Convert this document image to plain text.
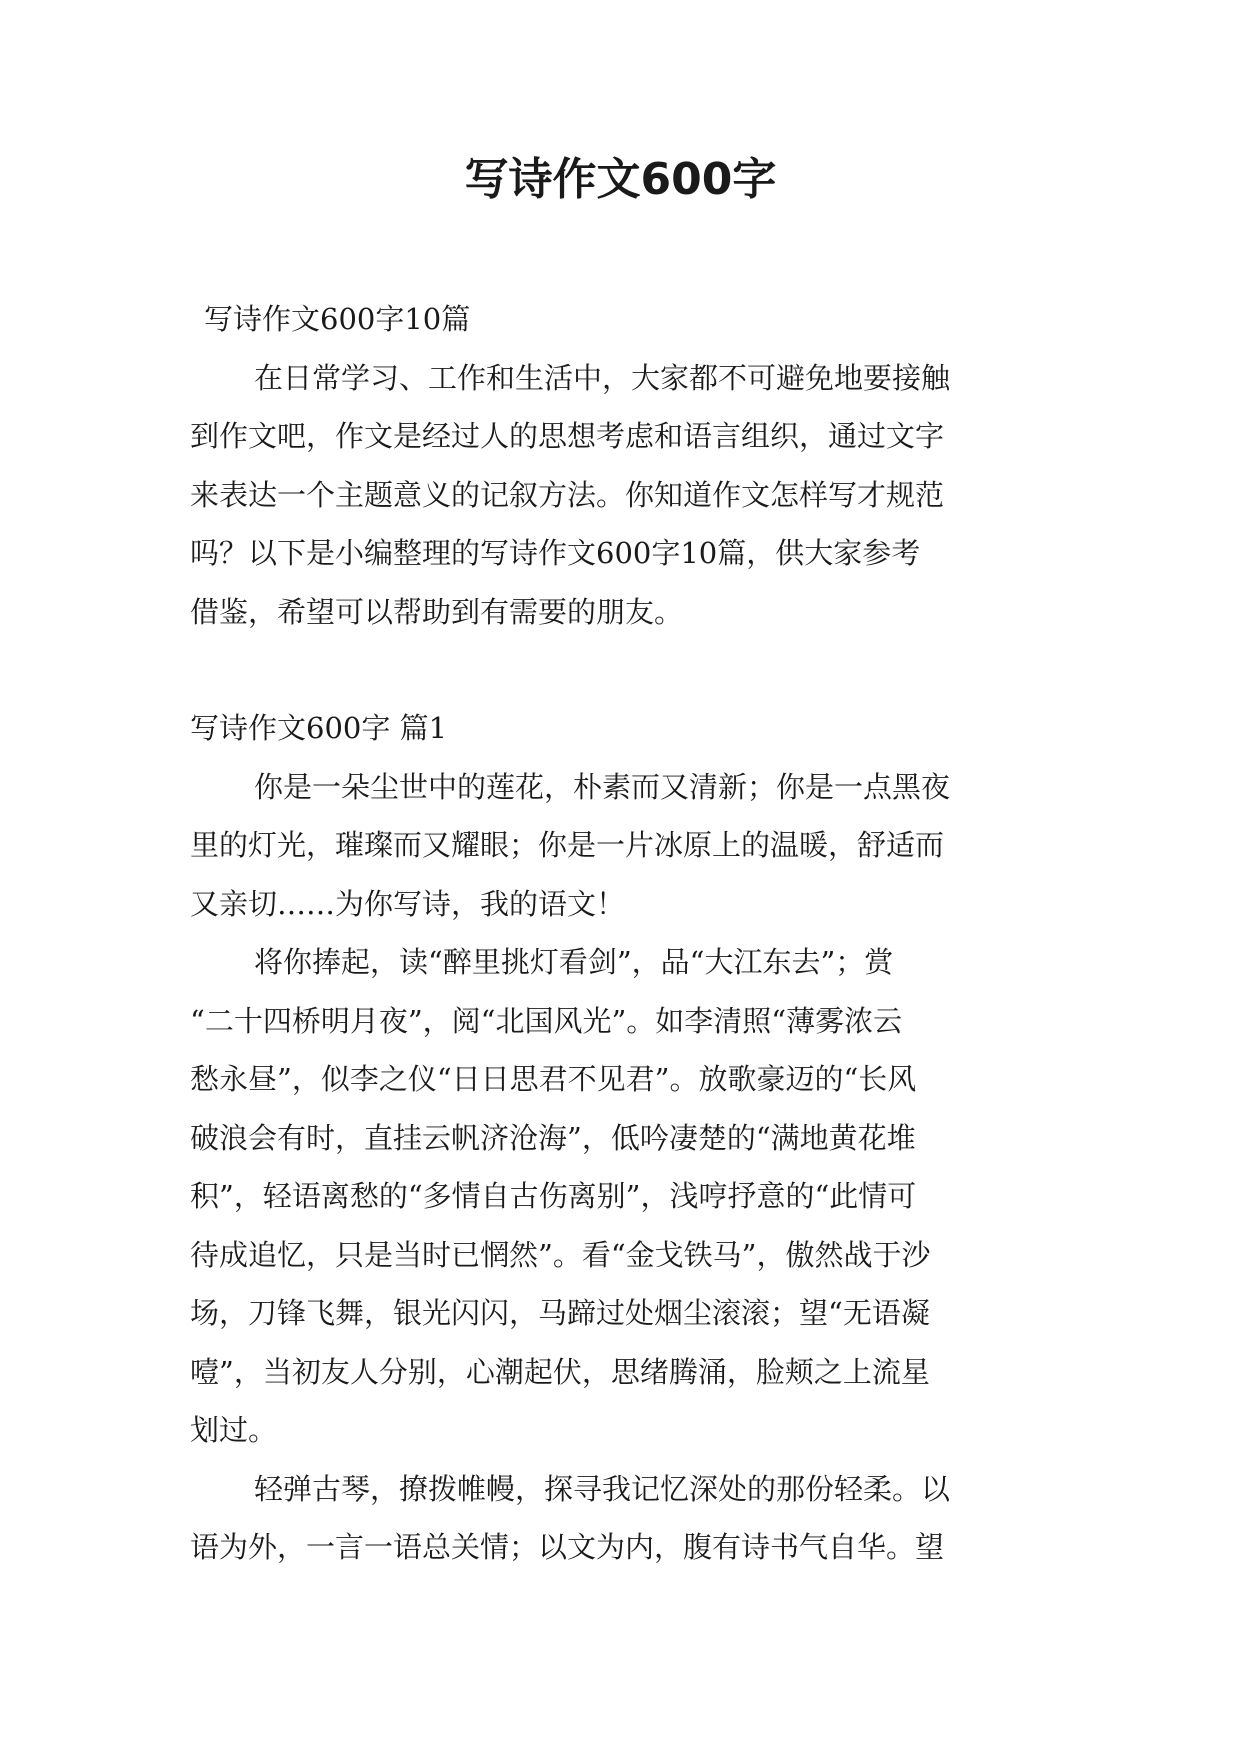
写诗作文600字

写诗作文600字10篇

在日常学习、工作和生活中，大家都不可避免地要接触

到作文吧，作文是经过人的思想考虑和语言组织，通过文字

来表达一个主题意义的记叙方法。你知道作文怎样写才规范

吗？以下是小编整理的写诗作文600字10篇，供大家参考

借鉴，希望可以帮助到有需要的朋友。

写诗作文600字 篇1

你是一朵尘世中的莲花，朴素而又清新；你是一点黑夜

里的灯光，璀璨而又耀眼；你是一片冰原上的温暖，舒适而

又亲切……为你写诗，我的语文！

将你捧起，读“醉里挑灯看剑”，品“大江东去”；赏

“二十四桥明月夜”，阅“北国风光”。如李清照“薄雾浓云

愁永昼”，似李之仪“日日思君不见君”。放歌豪迈的“长风

破浪会有时，直挂云帆济沧海”，低吟凄楚的“满地黄花堆

积”，轻语离愁的“多情自古伤离别”，浅哼抒意的“此情可

待成追忆，只是当时已惘然”。看“金戈铁马”，傲然战于沙

场，刀锋飞舞，银光闪闪，马蹄过处烟尘滚滚；望“无语凝

噎”，当初友人分别，心潮起伏，思绪腾涌，脸颊之上流星

划过。

轻弹古琴，撩拨帷幔，探寻我记忆深处的那份轻柔。以

语为外，一言一语总关情；以文为内，腹有诗书气自华。望
